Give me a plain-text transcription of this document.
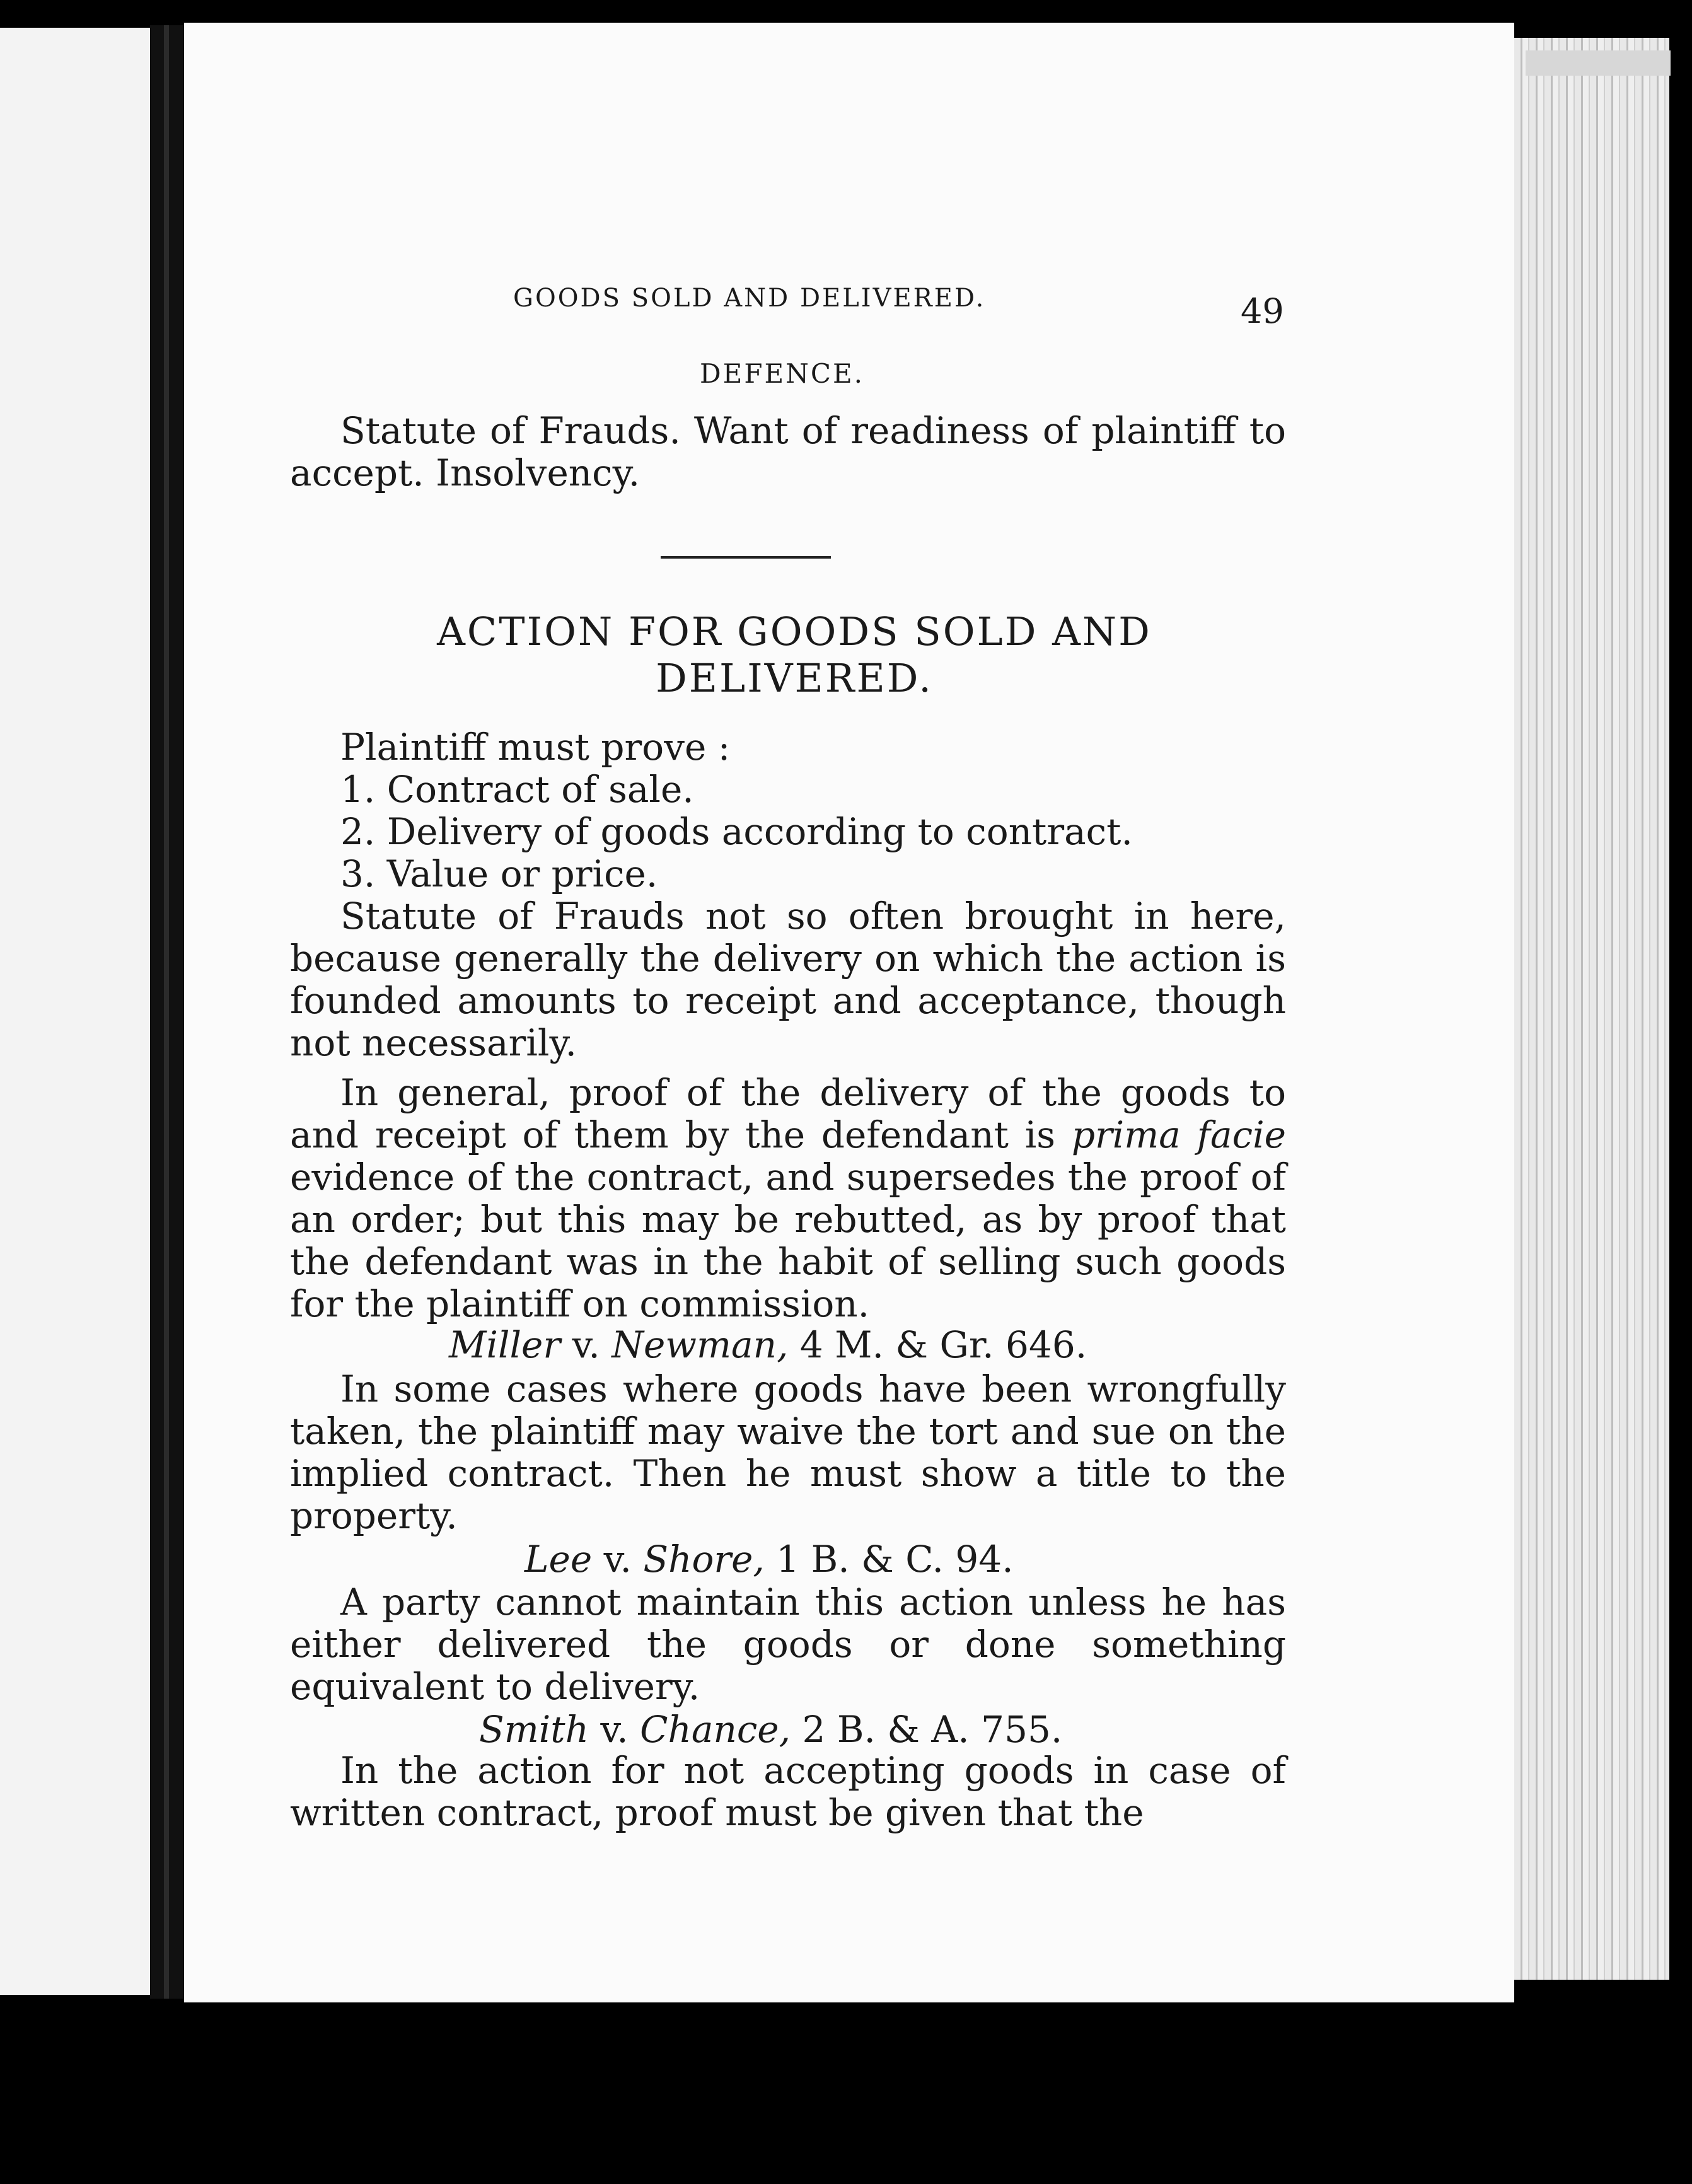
GOODS SOLD AND DELIVERED.	49
DEFENCE.
Statute of Frauds. Want of readiness of plaintiff to accept. Insolvency.
ACTION FOR GOODS SOLD AND
DELIVERED.
Plaintiff must prove :
1. Contract of sale.
2. Delivery of goods according to contract.
3. Value or price.
Statute of Frauds not so often brought in here, because generally the delivery on which the action is founded amounts to receipt and acceptance, though not necessarily.
In general, proof of the delivery of the goods to and receipt of them by the defendant is prima facie evidence of the contract, and supersedes the proof of an order; but this may be rebutted, as by proof that the defendant was in the habit of selling such goods for the plaintiff on commission.
Miller v. Newman, 4 M. & Gr. 646.
In some cases where goods have been wrongfully taken, the plaintiff may waive the tort and sue on the implied contract. Then he must show a title to the property.
Lee v. Shore, 1 B. & C. 94.
A party cannot maintain this action unless he has either delivered the goods or done something equivalent to delivery.
Smith v. Chance, 2 B. & A. 755.
In the action for not accepting goods in case of written contract, proof must be given that the
